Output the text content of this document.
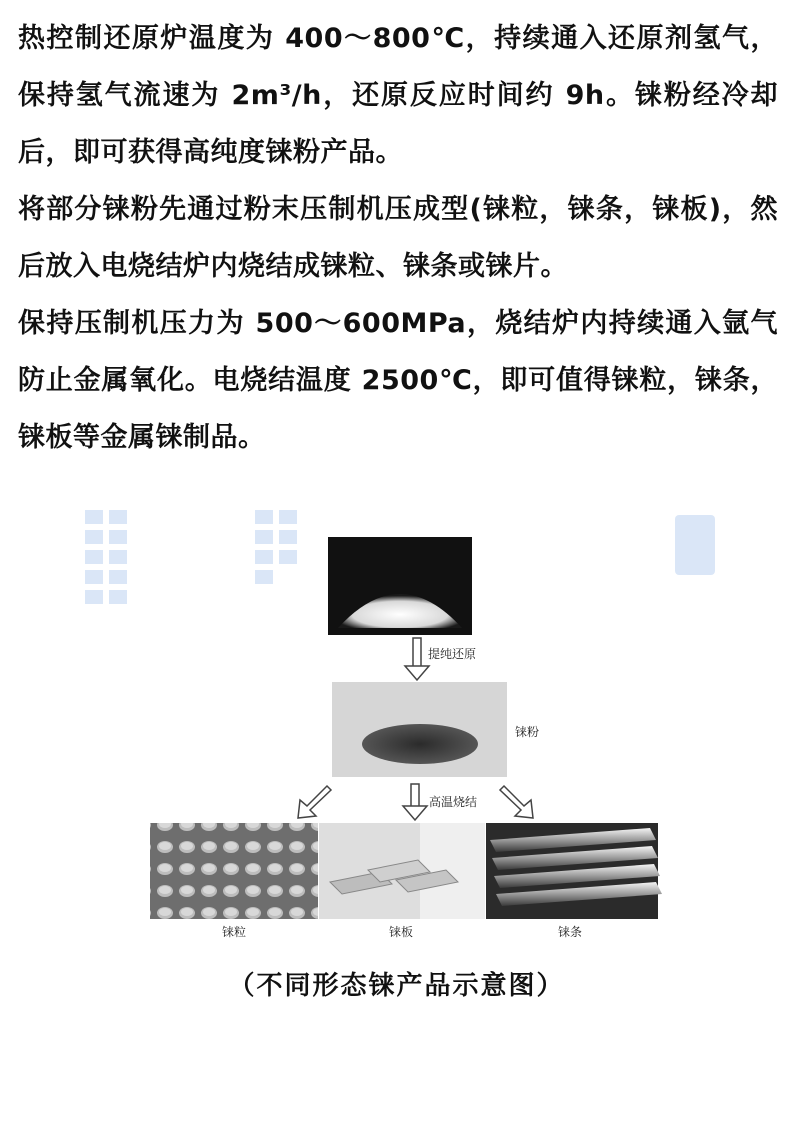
热控制还原炉温度为 400～800℃，持续通入还原剂氢气，保持氢气流速为 2m³/h，还原反应时间约 9h。铼粉经冷却后，即可获得高纯度铼粉产品。

将部分铼粉先通过粉末压制机压成型(铼粒，铼条，铼板)，然后放入电烧结炉内烧结成铼粒、铼条或铼片。

保持压制机压力为 500～600MPa，烧结炉内持续通入氩气防止金属氧化。电烧结温度 2500℃，即可值得铼粒，铼条，铼板等金属铼制品。

提纯还原
铼粉
高温烧结
铼粒	铼板	铼条
（不同形态铼产品示意图）
